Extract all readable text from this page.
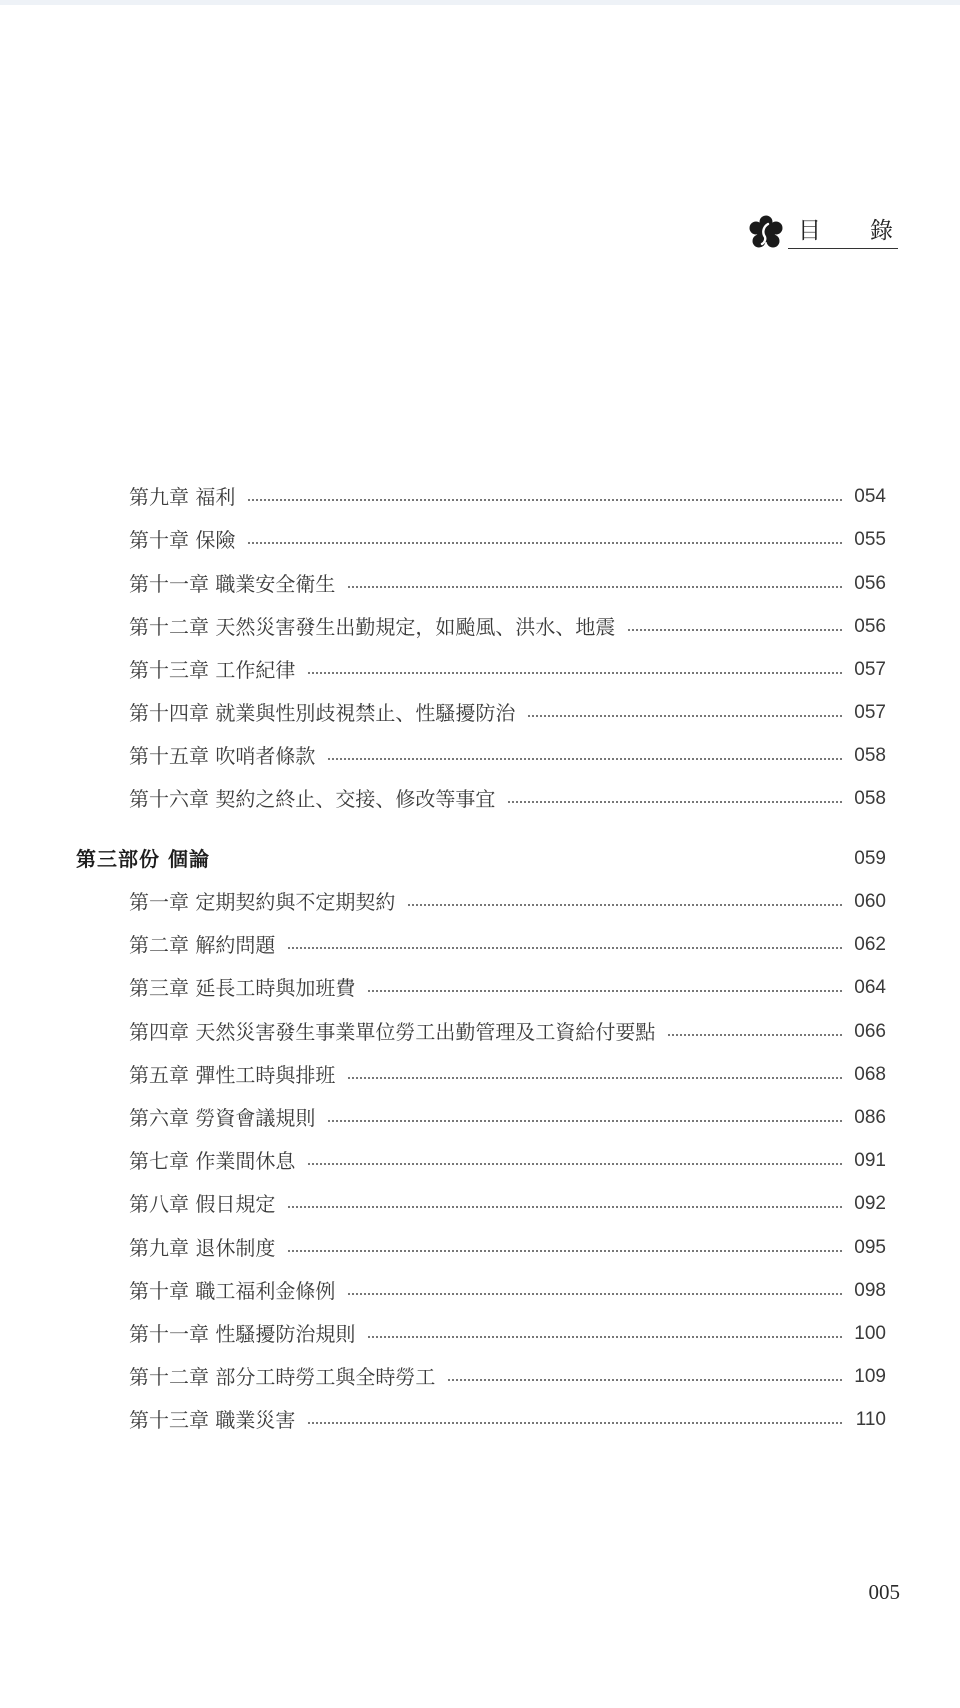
目 錄
第九章 福利	054
第十章 保險	055
第十一章 職業安全衛生	056
第十二章 天然災害發生出勤規定，如颱風、洪水、地震	056
第十三章 工作紀律	057
第十四章 就業與性別歧視禁止、性騷擾防治	057
第十五章 吹哨者條款	058
第十六章 契約之終止、交接、修改等事宜	058
第三部份 個論	059
第一章 定期契約與不定期契約	060
第二章 解約問題	062
第三章 延長工時與加班費	064
第四章 天然災害發生事業單位勞工出勤管理及工資給付要點	066
第五章 彈性工時與排班	068
第六章 勞資會議規則	086
第七章 作業間休息	091
第八章 假日規定	092
第九章 退休制度	095
第十章 職工福利金條例	098
第十一章 性騷擾防治規則	100
第十二章 部分工時勞工與全時勞工	109
第十三章 職業災害	110
005
